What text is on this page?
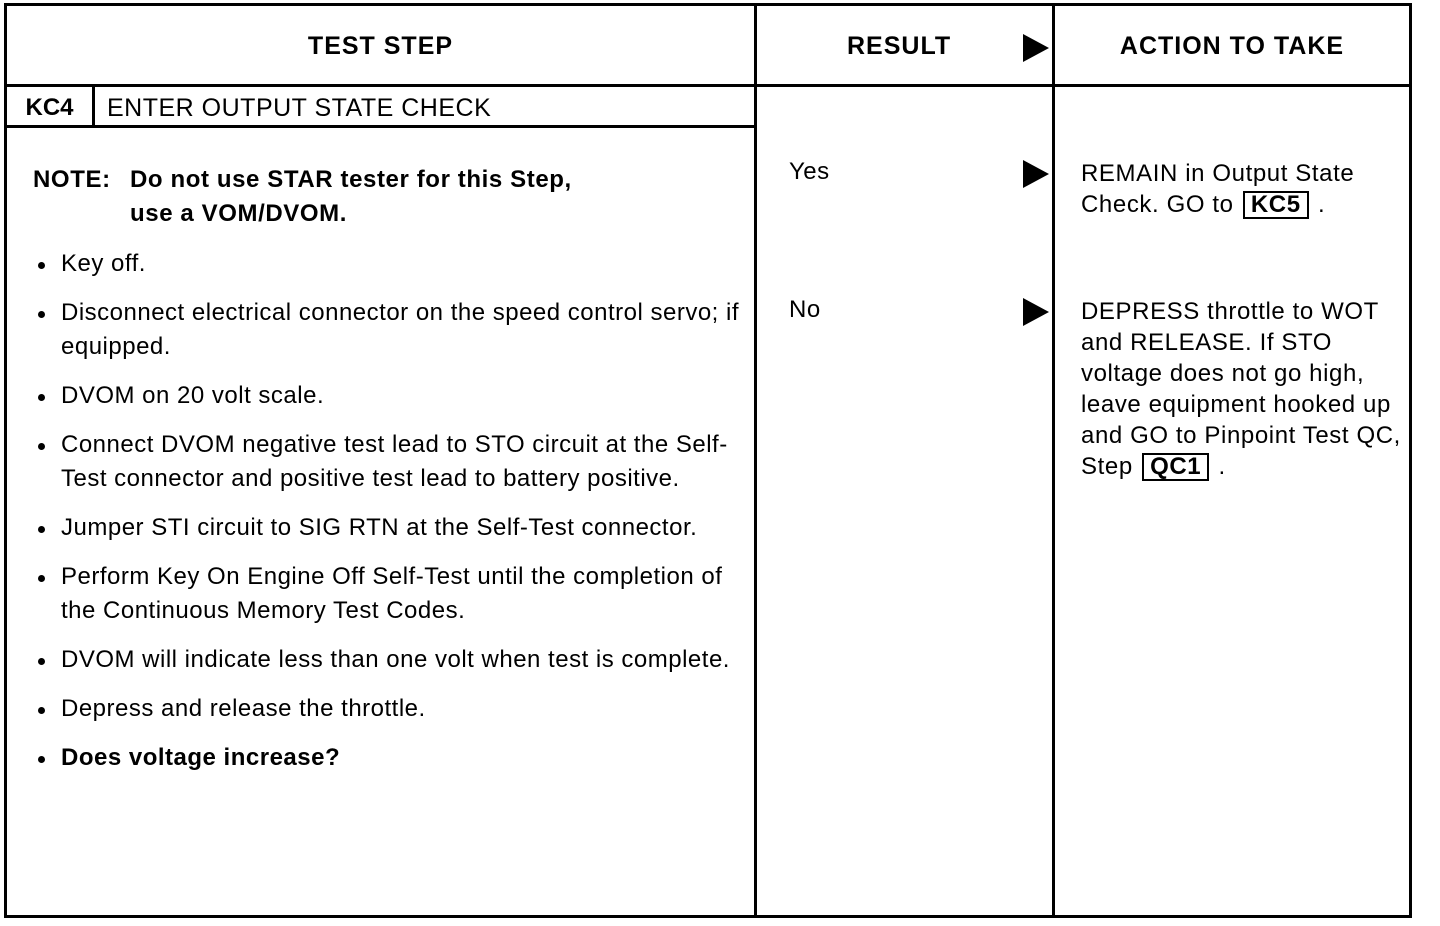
TEST STEP	RESULT	ACTION TO TAKE
KC4	ENTER OUTPUT STATE CHECK
NOTE: Do not use STAR tester for this Step,
use a VOM/DVOM.
Key off.
Disconnect electrical connector on the speed control servo; if equipped.
DVOM on 20 volt scale.
Connect DVOM negative test lead to STO circuit at the Self-Test connector and positive test lead to battery positive.
Jumper STI circuit to SIG RTN at the Self-Test connector.
Perform Key On Engine Off Self-Test until the completion of the Continuous Memory Test Codes.
DVOM will indicate less than one volt when test is complete.
Depress and release the throttle.
Does voltage increase?
Yes	REMAIN in Output State Check. GO to KC5 .
No	DEPRESS throttle to WOT and RELEASE. If STO voltage does not go high, leave equipment hooked up and GO to Pinpoint Test QC, Step QC1 .
